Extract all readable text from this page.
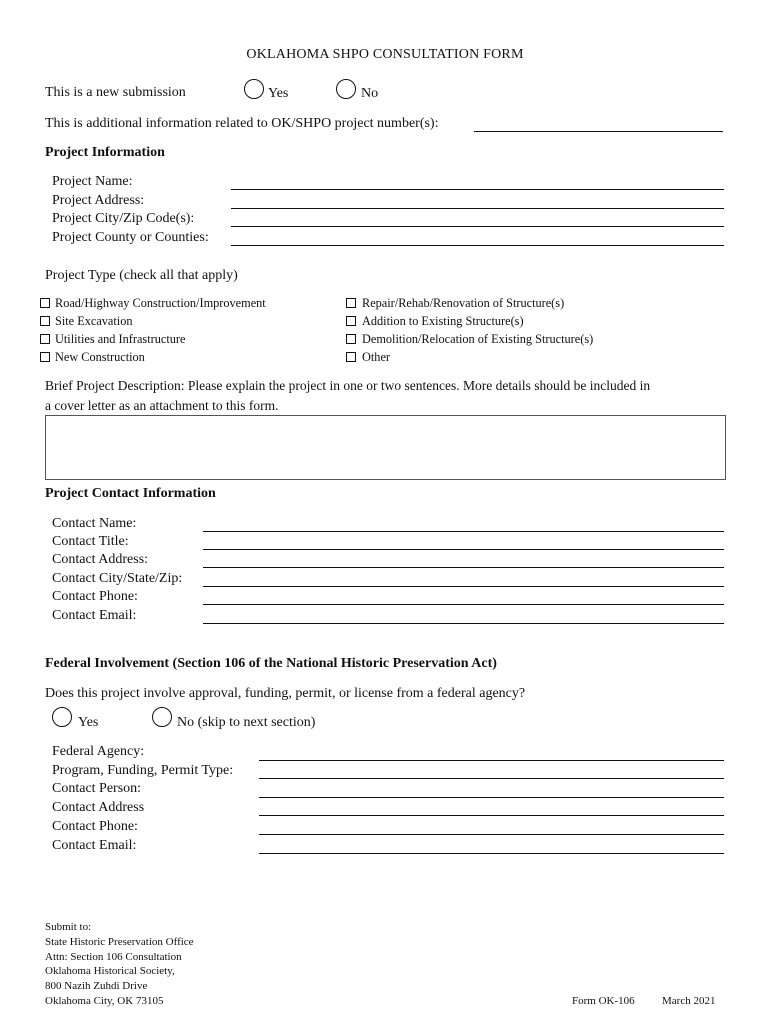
OKLAHOMA SHPO CONSULTATION FORM
This is a new submission	Yes	No
This is additional information related to OK/SHPO project number(s):
Project Information
Project Name:
Project Address:
Project City/Zip Code(s):
Project County or Counties:
Project Type (check all that apply)
Road/Highway Construction/Improvement
Site Excavation
Utilities and Infrastructure
New Construction
Repair/Rehab/Renovation of Structure(s)
Addition to Existing Structure(s)
Demolition/Relocation of Existing Structure(s)
Other
Brief Project Description: Please explain the project in one or two sentences. More details should be included in
a cover letter as an attachment to this form.
Project Contact Information
Contact Name:
Contact Title:
Contact Address:
Contact City/State/Zip:
Contact Phone:
Contact Email:
Federal Involvement (Section 106 of the National Historic Preservation Act)
Does this project involve approval, funding, permit, or license from a federal agency?
Yes	No (skip to next section)
Federal Agency:
Program, Funding, Permit Type:
Contact Person:
Contact Address
Contact Phone:
Contact Email:
Submit to:
State Historic Preservation Office
Attn: Section 106 Consultation
Oklahoma Historical Society,
800 Nazih Zuhdi Drive
Oklahoma City, OK 73105	Form OK-106 March 2021
